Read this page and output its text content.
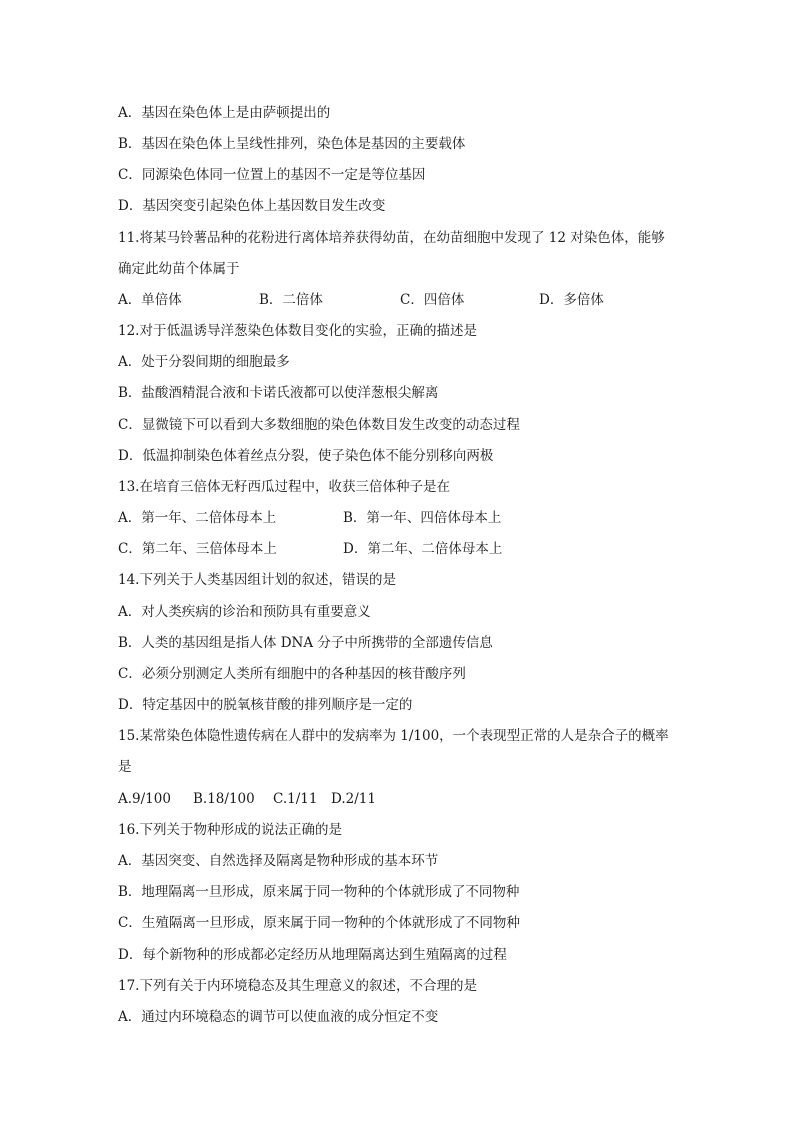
A．基因在染色体上是由萨顿提出的
B．基因在染色体上呈线性排列，染色体是基因的主要载体
C．同源染色体同一位置上的基因不一定是等位基因
D．基因突变引起染色体上基因数目发生改变
11.将某马铃薯品种的花粉进行离体培养获得幼苗，在幼苗细胞中发现了 12 对染色体，能够
确定此幼苗个体属于
A．单倍体	B．二倍体	C．四倍体	D．多倍体
12.对于低温诱导洋葱染色体数目变化的实验，正确的描述是
A．处于分裂间期的细胞最多
B．盐酸酒精混合液和卡诺氏液都可以使洋葱根尖解离
C．显微镜下可以看到大多数细胞的染色体数目发生改变的动态过程
D．低温抑制染色体着丝点分裂，使子染色体不能分别移向两极
13.在培育三倍体无籽西瓜过程中，收获三倍体种子是在
A．第一年、二倍体母本上	B．第一年、四倍体母本上
C．第二年、三倍体母本上	D．第二年、二倍体母本上
14.下列关于人类基因组计划的叙述，错误的是
A．对人类疾病的诊治和预防具有重要意义
B．人类的基因组是指人体 DNA 分子中所携带的全部遗传信息
C．必须分别测定人类所有细胞中的各种基因的核苷酸序列
D．特定基因中的脱氧核苷酸的排列顺序是一定的
15.某常染色体隐性遗传病在人群中的发病率为 1/100，一个表现型正常的人是杂合子的概率
是
A.9/100 B.18/100 C.1/11 D.2/11
16.下列关于物种形成的说法正确的是
A．基因突变、自然选择及隔离是物种形成的基本环节
B．地理隔离一旦形成，原来属于同一物种的个体就形成了不同物种
C．生殖隔离一旦形成，原来属于同一物种的个体就形成了不同物种
D．每个新物种的形成都必定经历从地理隔离达到生殖隔离的过程
17.下列有关于内环境稳态及其生理意义的叙述，不合理的是
A．通过内环境稳态的调节可以使血液的成分恒定不变
